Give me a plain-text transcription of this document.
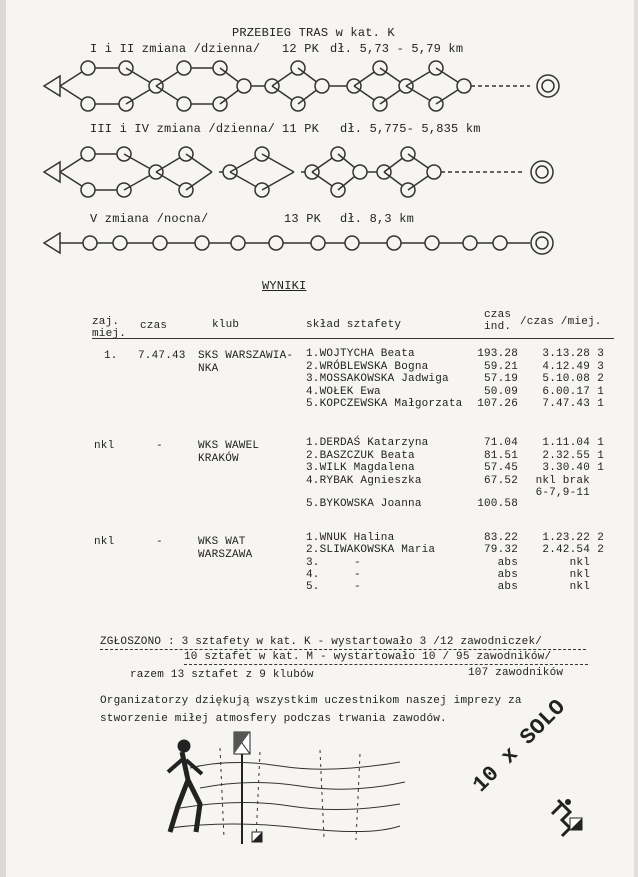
PRZEBIEG TRAS w kat. K
I i II zmiana /dzienna/ 12 PK dł. 5,73 - 5,79 km
III i IV zmiana /dzienna/ 11 PK dł. 5,775- 5,835 km
V zmiana /nocna/	13 PK dł. 8,3 km
WYNIKI
zaj.
miej.
czas	klub	skład sztafety
czas
ind. /czas /miej.
1. 7.47.43 SKS WARSZAWIA-
NKA
1.WOJTYCHA Beata	193.28	3.13.28 3
2.WRÓBLEWSKA Bogna	59.21	4.12.49 3
3.MOSSAKOWSKA Jadwiga	57.19	5.10.08 2
4.WOŁEK Ewa	50.09	6.00.17 1
5.KOPCZEWSKA Małgorzata	107.26	7.47.43 1
nkl	-	WKS WAWEL
KRAKÓW
1.DERDAŚ Katarzyna	71.04	1.11.04 1
2.BASZCZUK Beata	81.51	2.32.55 1
3.WILK Magdalena	57.45	3.30.40 1
4.RYBAK Agnieszka	67.52	nkl brak
6-7,9-11
5.BYKOWSKA Joanna	100.58
nkl	-	WKS WAT
WARSZAWA
1.WNUK Halina	83.22	1.23.22 2
2.SLIWAKOWSKA Maria	79.32	2.42.54 2
3.	-	abs	nkl
4.	-	abs	nkl
5.	-	abs	nkl
ZGŁOSZONO : 3 sztafety w kat. K - wystartowało 3 /12 zawodniczek/
10 sztafet w kat. M - wystartowało 10 / 95 zawodników/
razem 13 sztafet z 9 klubów	107 zawodników
Organizatorzy dziękują wszystkim uczestnikom naszej imprezy za
stworzenie miłej atmosfery podczas trwania zawodów. 10 x SOLO
